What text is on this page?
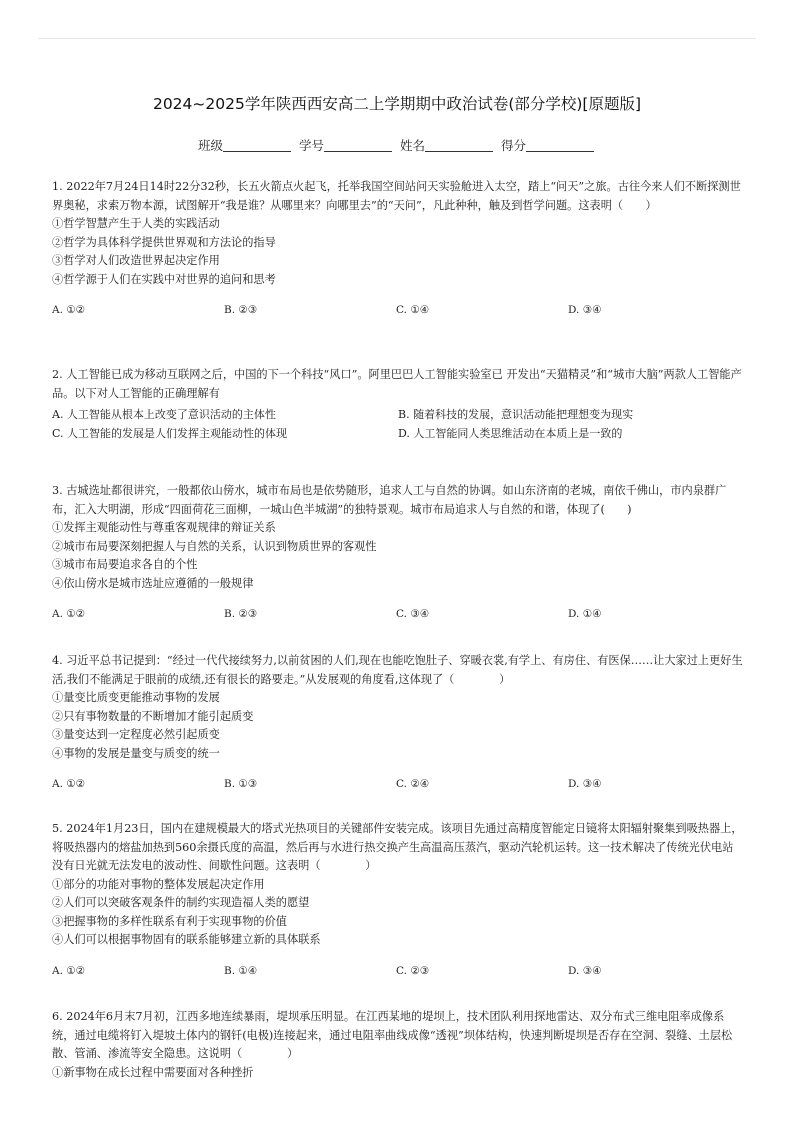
2024~2025学年陕西西安高二上学期期中政治试卷(部分学校)[原题版]
班级	学号	姓名	得分

1. 2022年7月24日14时22分32秒，长五火箭点火起飞，托举我国空间站问天实验舱进入太空，踏上“问天”之旅。古往今来人们不断探测世界奥秘，求索万物本源，试图解开“我是谁？从哪里来？向哪里去”的“天问”，凡此种种，触及到哲学问题。这表明（　　）

①哲学智慧产生于人类的实践活动

②哲学为具体科学提供世界观和方法论的指导

③哲学对人们改造世界起决定作用

④哲学源于人们在实践中对世界的追问和思考

A. ①②	B. ②③	C. ①④	D. ③④

2. 人工智能已成为移动互联网之后，中国的下一个科技“风口”。阿里巴巴人工智能实验室已 开发出“天猫精灵”和“城市大脑”两款人工智能产品。以下对人工智能的正确理解有

A. 人工智能从根本上改变了意识活动的主体性	B. 随着科技的发展，意识活动能把理想变为现实
C. 人工智能的发展是人们发挥主观能动性的体现	D. 人工智能同人类思维活动在本质上是一致的

3. 古城选址都很讲究，一般都依山傍水，城市布局也是依势随形，追求人工与自然的协调。如山东济南的老城，南依千佛山，市内泉群广布，汇入大明湖，形成“四面荷花三面柳，一城山色半城湖”的独特景观。城市布局追求人与自然的和谐，体现了(　　)

①发挥主观能动性与尊重客观规律的辩证关系

②城市布局要深刻把握人与自然的关系，认识到物质世界的客观性

③城市布局要追求各自的个性

④依山傍水是城市选址应遵循的一般规律

A. ①②	B. ②③	C. ③④	D. ①④

4. 习近平总书记提到：“经过一代代接续努力,以前贫困的人们,现在也能吃饱肚子、穿暖衣裳,有学上、有房住、有医保……让大家过上更好生活,我们不能满足于眼前的成绩,还有很长的路要走。”从发展观的角度看,这体现了（　　　　）

①量变比质变更能推动事物的发展

②只有事物数量的不断增加才能引起质变

③量变达到一定程度必然引起质变

④事物的发展是量变与质变的统一

A. ①②	B. ①③	C. ②④	D. ③④

5. 2024年1月23日，国内在建规模最大的塔式光热项目的关键部件安装完成。该项目先通过高精度智能定日镜将太阳辐射聚集到吸热器上，将吸热器内的熔盐加热到560余摄氏度的高温，然后再与水进行热交换产生高温高压蒸汽，驱动汽轮机运转。这一技术解决了传统光伏电站没有日光就无法发电的波动性、间歇性问题。这表明（　　　　）

①部分的功能对事物的整体发展起决定作用

②人们可以突破客观条件的制约实现造福人类的愿望

③把握事物的多样性联系有利于实现事物的价值

④人们可以根据事物固有的联系能够建立新的具体联系

A. ①②	B. ①④	C. ②③	D. ③④

6. 2024年6月末7月初，江西多地连续暴雨，堤坝承压明显。在江西某地的堤坝上，技术团队利用探地雷达、双分布式三维电阻率成像系统，通过电缆将钉入堤坡土体内的钢钎(电极)连接起来，通过电阻率曲线成像“透视”坝体结构，快速判断堤坝是否存在空洞、裂缝、土层松散、管涌、渗流等安全隐患。这说明（　　　　）

①新事物在成长过程中需要面对各种挫折
